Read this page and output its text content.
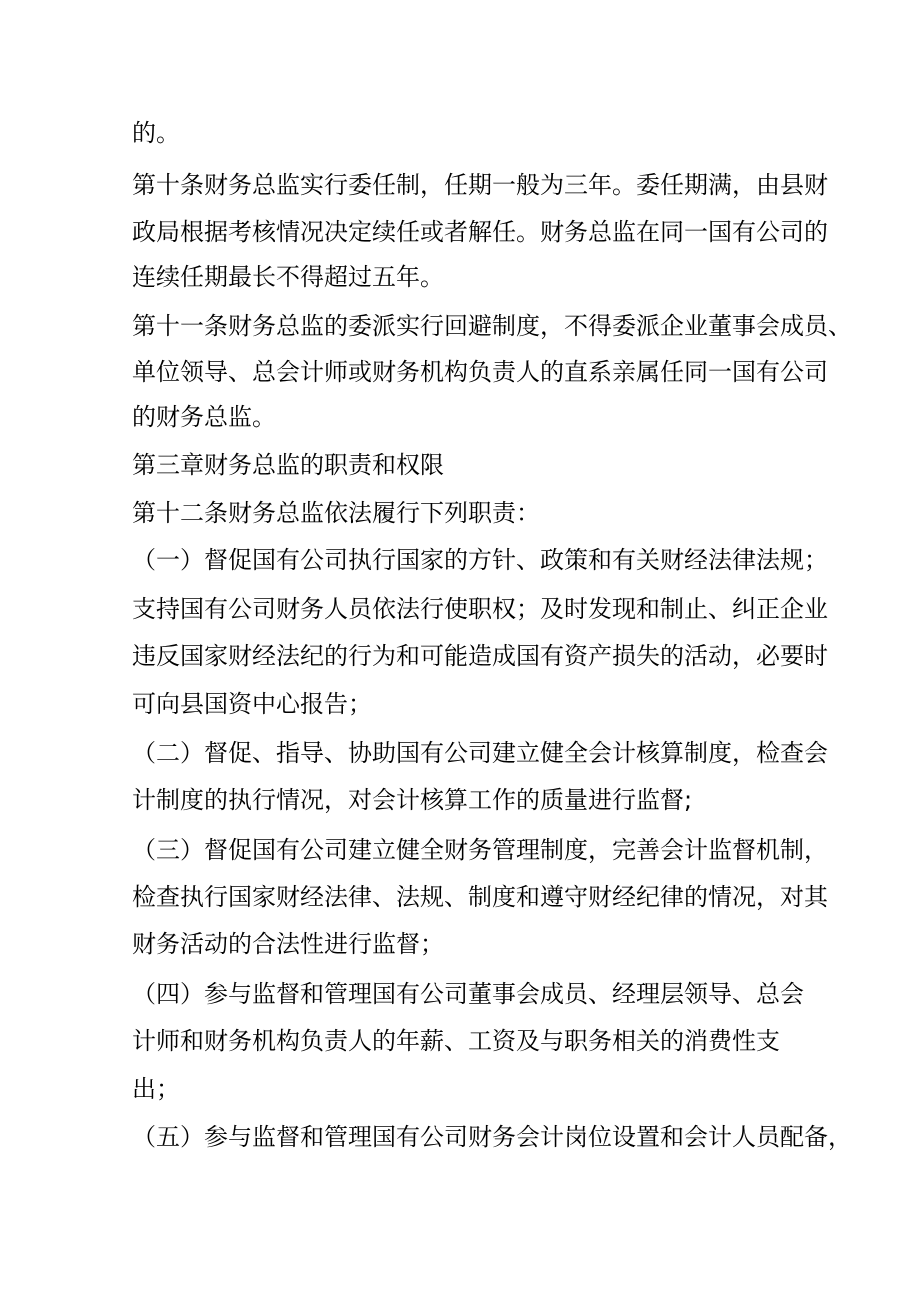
的。

第十条财务总监实行委任制，任期一般为三年。委任期满，由县财

政局根据考核情况决定续任或者解任。财务总监在同一国有公司的

连续任期最长不得超过五年。

第十一条财务总监的委派实行回避制度，不得委派企业董事会成员、

单位领导、总会计师或财务机构负责人的直系亲属任同一国有公司

的财务总监。

第三章财务总监的职责和权限

第十二条财务总监依法履行下列职责：

（一）督促国有公司执行国家的方针、政策和有关财经法律法规；

支持国有公司财务人员依法行使职权；及时发现和制止、纠正企业

违反国家财经法纪的行为和可能造成国有资产损失的活动，必要时

可向县国资中心报告；

（二）督促、指导、协助国有公司建立健全会计核算制度，检查会

计制度的执行情况，对会计核算工作的质量进行监督;

（三）督促国有公司建立健全财务管理制度，完善会计监督机制，

检查执行国家财经法律、法规、制度和遵守财经纪律的情况，对其

财务活动的合法性进行监督；

（四）参与监督和管理国有公司董事会成员、经理层领导、总会

计师和财务机构负责人的年薪、工资及与职务相关的消费性支

出；

（五）参与监督和管理国有公司财务会计岗位设置和会计人员配备，
